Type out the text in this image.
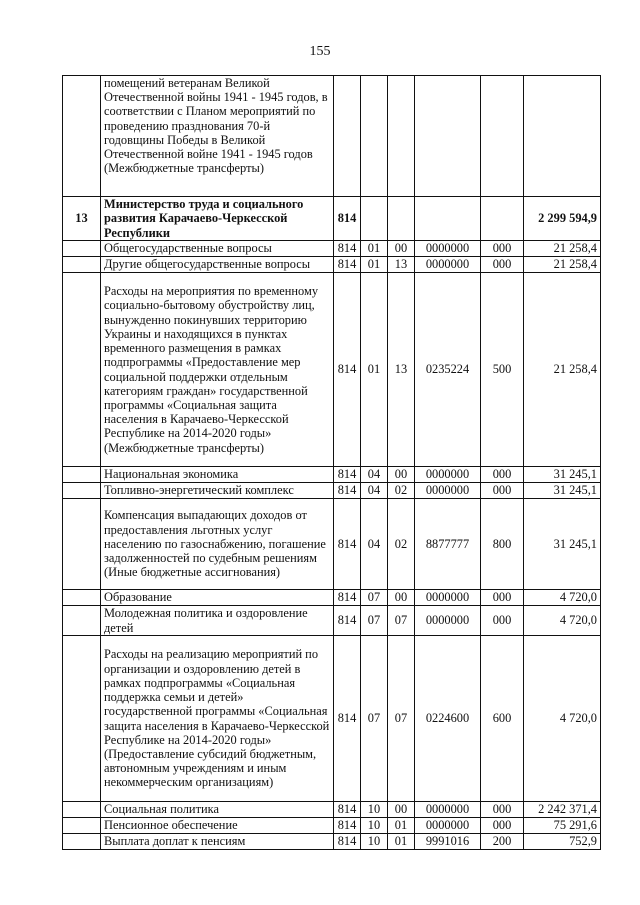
155
	помещений ветеранам Великой Отечественной войны 1941 - 1945 годов, в соответствии с Планом мероприятий по проведению празднования 70-й годовщины Победы в Великой Отечественной войне 1941 - 1945 годов (Межбюджетные трансферты)						
13	Министерство труда и социального развития Карачаево-Черкесской Республики	814					2 299 594,9
	Общегосударственные вопросы	814	01	00	0000000	000	21 258,4
	Другие общегосударственные вопросы	814	01	13	0000000	000	21 258,4
	Расходы на мероприятия по временному социально-бытовому обустройству лиц, вынужденно покинувших территорию Украины и находящихся в пунктах временного размещения в рамках подпрограммы «Предоставление мер социальной поддержки отдельным категориям граждан» государственной программы «Социальная защита населения в Карачаево-Черкесской Республике на 2014-2020 годы» (Межбюджетные трансферты)	814	01	13	0235224	500	21 258,4
	Национальная экономика	814	04	00	0000000	000	31 245,1
	Топливно-энергетический комплекс	814	04	02	0000000	000	31 245,1
	Компенсация выпадающих доходов от предоставления льготных услуг населению по газоснабжению, погашение задолженностей по судебным решениям (Иные бюджетные ассигнования)	814	04	02	8877777	800	31 245,1
	Образование	814	07	00	0000000	000	4 720,0
	Молодежная политика и оздоровление детей	814	07	07	0000000	000	4 720,0
	Расходы на реализацию мероприятий по организации и оздоровлению детей в рамках подпрограммы «Социальная поддержка семьи и детей» государственной программы «Социальная защита населения в Карачаево-Черкесской Республике на 2014-2020 годы» (Предоставление субсидий бюджетным, автономным учреждениям и иным некоммерческим организациям)	814	07	07	0224600	600	4 720,0
	Социальная политика	814	10	00	0000000	000	2 242 371,4
	Пенсионное обеспечение	814	10	01	0000000	000	75 291,6
	Выплата доплат к пенсиям	814	10	01	9991016	200	752,9
